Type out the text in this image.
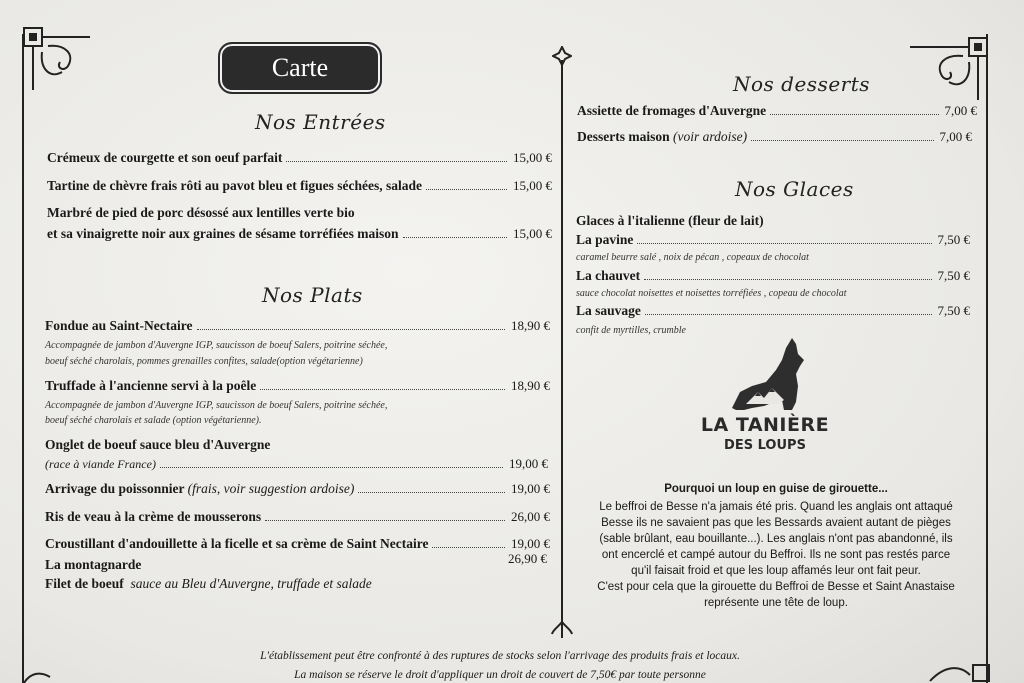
Carte
Nos Entrées
Crémeux de courgette et son oeuf parfait	15,00 €
Tartine de chèvre frais rôti au pavot bleu et figues séchées, salade	15,00 €
Marbré de pied de porc désossé aux lentilles verte bio
et sa vinaigrette noir aux graines de sésame torréfiées maison	15,00 €
Nos Plats
Fondue au Saint-Nectaire	18,90 €
Accompagnée de jambon d'Auvergne IGP, saucisson de boeuf Salers, poitrine séchée,
boeuf séché charolais, pommes grenailles confites, salade(option végétarienne)
Truffade à l'ancienne servi à la poêle	18,90 €
Accompagnée de jambon d'Auvergne IGP, saucisson de boeuf Salers, poitrine séchée,
boeuf séché charolais et salade (option végétarienne).
Onglet de boeuf sauce bleu d'Auvergne
(race à viande France)	19,00 €
Arrivage du poissonnier (frais, voir suggestion ardoise)	19,00 €
Ris de veau à la crème de mousserons	26,00 €
Croustillant d'andouillette à la ficelle et sa crème de Saint Nectaire	19,00 €
La montagnarde	26,90 €
Filet de boeuf sauce au Bleu d'Auvergne, truffade et salade
Nos desserts
Assiette de fromages d'Auvergne	7,00 €
Desserts maison (voir ardoise)	7,00 €
Nos Glaces
Glaces à l'italienne (fleur de lait)
La pavine	7,50 €
caramel beurre salé , noix de pécan , copeaux de chocolat
La chauvet	7,50 €
sauce chocolat noisettes et noisettes torréfiées , copeau de chocolat
La sauvage	7,50 €
confit de myrtilles, crumble
LA TANIÈRE
DES LOUPS
Pourquoi un loup en guise de girouette...
Le beffroi de Besse n'a jamais été pris. Quand les anglais ont attaqué
Besse ils ne savaient pas que les Bessards avaient autant de pièges
(sable brûlant, eau bouillante...). Les anglais n'ont pas abandonné, ils
ont encerclé et campé autour du Beffroi. Ils ne sont pas restés parce
qu'il faisait froid et que les loup affamés leur ont fait peur.
C'est pour cela que la girouette du Beffroi de Besse et Saint Anastaise
représente une tête de loup.
L'établissement peut être confronté à des ruptures de stocks selon l'arrivage des produits frais et locaux.
La maison se réserve le droit d'appliquer un droit de couvert de 7,50€ par toute personne
